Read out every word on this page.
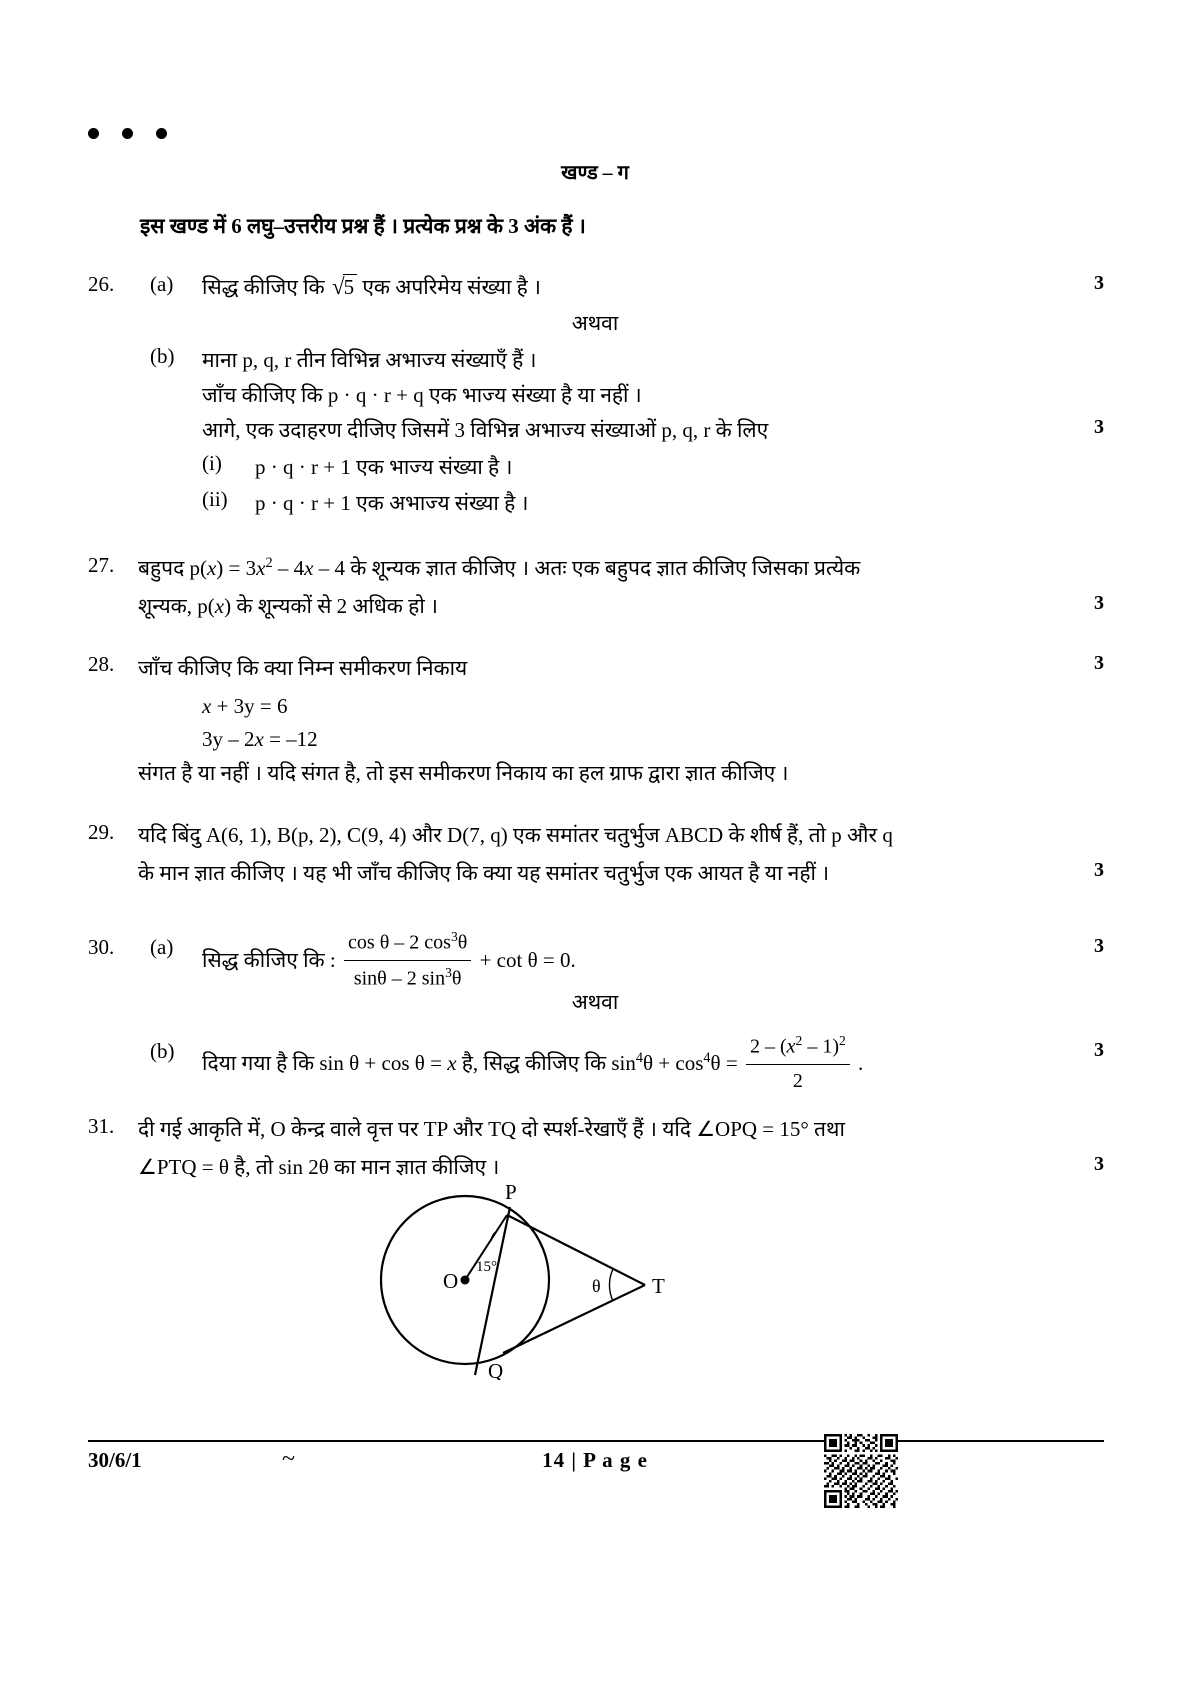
खण्ड – ग
इस खण्ड में 6 लघु–उत्तरीय प्रश्न हैं । प्रत्येक प्रश्न के 3 अंक हैं ।
26. (a) सिद्ध कीजिए कि √5 एक अपरिमेय संख्या है ।	3
अथवा
(b) माना p, q, r तीन विभिन्न अभाज्य संख्याएँ हैं ।
जाँच कीजिए कि p · q · r + q एक भाज्य संख्या है या नहीं ।
आगे, एक उदाहरण दीजिए जिसमें 3 विभिन्न अभाज्य संख्याओं p, q, r के लिए	3
(i) p · q · r + 1 एक भाज्य संख्या है ।
(ii) p · q · r + 1 एक अभाज्य संख्या है ।
27. बहुपद $p(x) = 3x^2 - 4x - 4$ के शून्यक ज्ञात कीजिए । अतः एक बहुपद ज्ञात कीजिए जिसका प्रत्येक
शून्यक, p(x) के शून्यकों से 2 अधिक हो ।	3
28. जाँच कीजिए कि क्या निम्न समीकरण निकाय	3
x + 3y = 6
3y – 2x = –12
संगत है या नहीं । यदि संगत है, तो इस समीकरण निकाय का हल ग्राफ द्वारा ज्ञात कीजिए ।
29. यदि बिंदु A(6, 1), B(p, 2), C(9, 4) और D(7, q) एक समांतर चतुर्भुज ABCD के शीर्ष हैं, तो p और q
के मान ज्ञात कीजिए । यह भी जाँच कीजिए कि क्या यह समांतर चतुर्भुज एक आयत है या नहीं ।	3
30. (a)
सिद्ध कीजिए कि : $\frac{\cos \theta - 2 \cos^3\theta}{\sin\theta - 2 \sin^3\theta} + \cot \theta = 0$.
3
अथवा
(b)
दिया गया है कि sin θ + cos θ = x है, सिद्ध कीजिए कि $\sin^4\theta + \cos^4\theta = \frac{2 - (x^2 - 1)^2}{2}$ .
3
31. दी गई आकृति में, O केन्द्र वाले वृत्त पर TP और TQ दो स्पर्श-रेखाएँ हैं । यदि ∠OPQ = 15° तथा
∠PTQ = θ है, तो sin 2θ का मान ज्ञात कीजिए ।	3
O
15°
P
Q
T
θ
30/6/1	~	14 | P a g e
